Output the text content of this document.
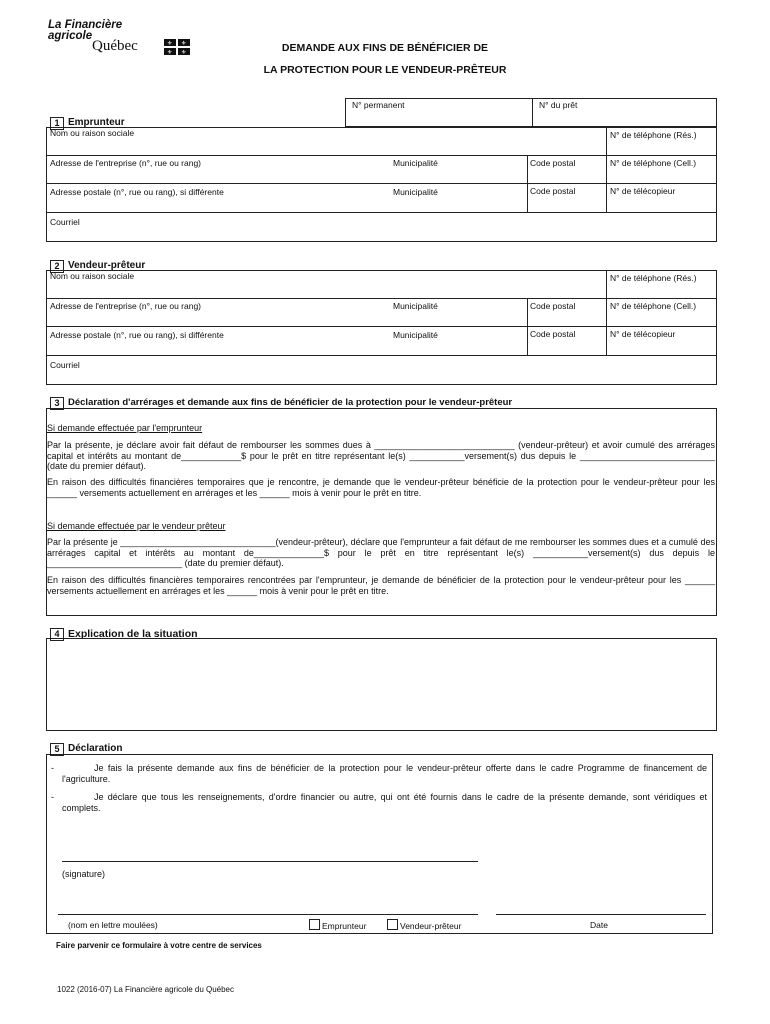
La Financière
agricole
Québec	⚜ ⚜
⚜ ⚜	DEMANDE AUX FINS DE BÉNÉFICIER DE
LA PROTECTION POUR LE VENDEUR-PRÊTEUR
N° permanent	N° du prêt
1 Emprunteur
Nom ou raison sociale	N° de téléphone (Rés.)
Adresse de l'entreprise (n°, rue ou rang)	Municipalité	Code postal	N° de téléphone (Cell.)
Adresse postale (n°, rue ou rang), si différente	Municipalité	Code postal	N° de télécopieur
Courriel
2 Vendeur-prêteur
Nom ou raison sociale	N° de téléphone (Rés.)
Adresse de l'entreprise (n°, rue ou rang)	Municipalité	Code postal	N° de téléphone (Cell.)
Adresse postale (n°, rue ou rang), si différente	Municipalité	Code postal	N° de télécopieur
Courriel
3 Déclaration d'arrérages et demande aux fins de bénéficier de la protection pour le vendeur-prêteur
Si demande effectuée par l'emprunteur
Par la présente, je déclare avoir fait défaut de rembourser les sommes dues à ____________________________ (vendeur-prêteur) et avoir cumulé des arrérages capital et intérêts au montant de____________$ pour le prêt en titre représentant le(s) ___________versement(s) dus depuis le ___________________________ (date du premier défaut).
En raison des difficultés financières temporaires que je rencontre, je demande que le vendeur-prêteur bénéficie de la protection pour le vendeur-prêteur pour les ______ versements actuellement en arrérages et les ______ mois à venir pour le prêt en titre.
Si demande effectuée par le vendeur prêteur
Par la présente je _______________________________(vendeur-prêteur), déclare que l'emprunteur a fait défaut de me rembourser les sommes dues et a cumulé des arrérages capital et intérêts au montant de______________$ pour le prêt en titre représentant le(s) ___________versement(s) dus depuis le ___________________________ (date du premier défaut).
En raison des difficultés financières temporaires rencontrées par l'emprunteur, je demande de bénéficier de la protection pour le vendeur-prêteur pour les ______ versements actuellement en arrérages et les ______ mois à venir pour le prêt en titre.
4 Explication de la situation
5 Déclaration
-	Je fais la présente demande aux fins de bénéficier de la protection pour le vendeur-prêteur offerte dans le cadre Programme de financement de l'agriculture.
-	Je déclare que tous les renseignements, d'ordre financier ou autre, qui ont été fournis dans le cadre de la présente demande, sont véridiques et complets.
(signature)
(nom en lettre moulées)	Emprunteur	Vendeur-prêteur	Date
Faire parvenir ce formulaire à votre centre de services
1022 (2016-07) La Financière agricole du Québec
